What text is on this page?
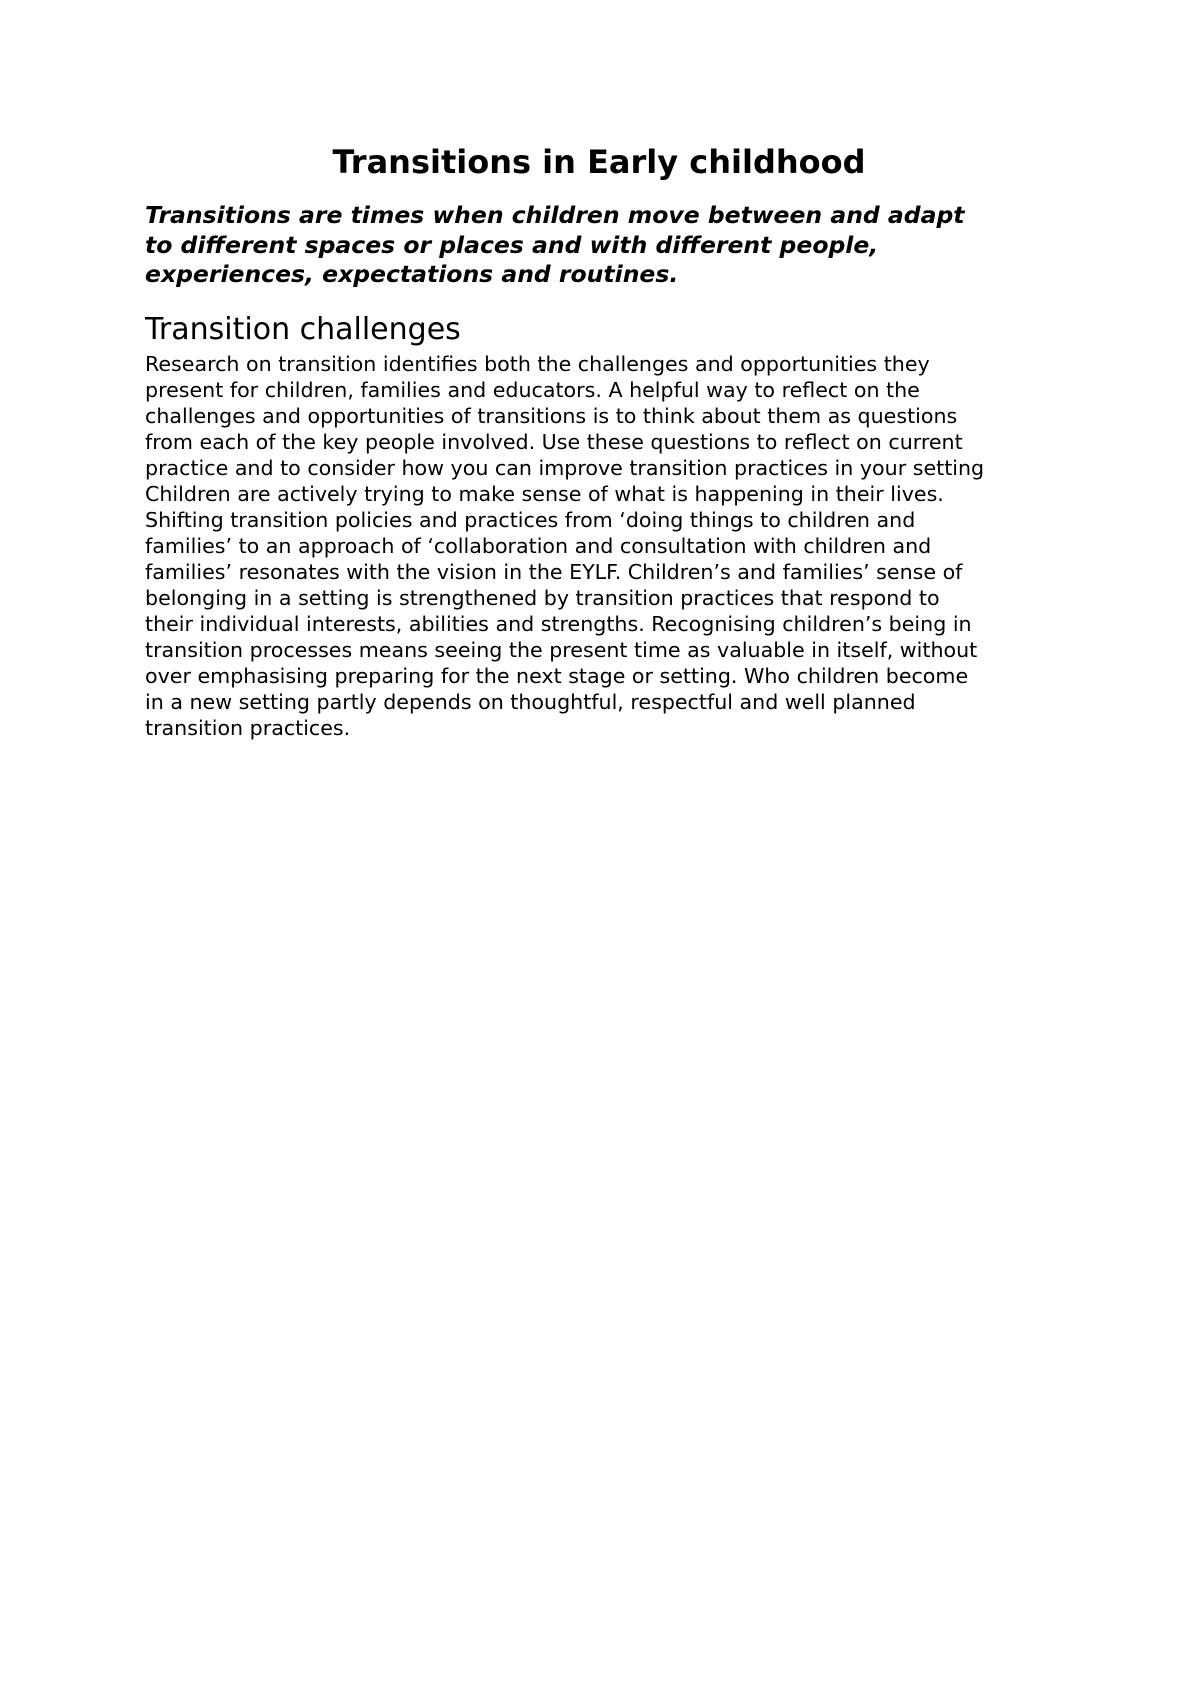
Transitions in Early childhood

Transitions are times when children move between and adapt
to different spaces or places and with different people,
experiences, expectations and routines.

Transition challenges

Research on transition identifies both the challenges and opportunities they
present for children, families and educators. A helpful way to reflect on the
challenges and opportunities of transitions is to think about them as questions
from each of the key people involved. Use these questions to reflect on current
practice and to consider how you can improve transition practices in your setting
Children are actively trying to make sense of what is happening in their lives.
Shifting transition policies and practices from ‘doing things to children and
families’ to an approach of ‘collaboration and consultation with children and
families’ resonates with the vision in the EYLF. Children’s and families’ sense of
belonging in a setting is strengthened by transition practices that respond to
their individual interests, abilities and strengths. Recognising children’s being in
transition processes means seeing the present time as valuable in itself, without
over emphasising preparing for the next stage or setting. Who children become
in a new setting partly depends on thoughtful, respectful and well planned
transition practices.
